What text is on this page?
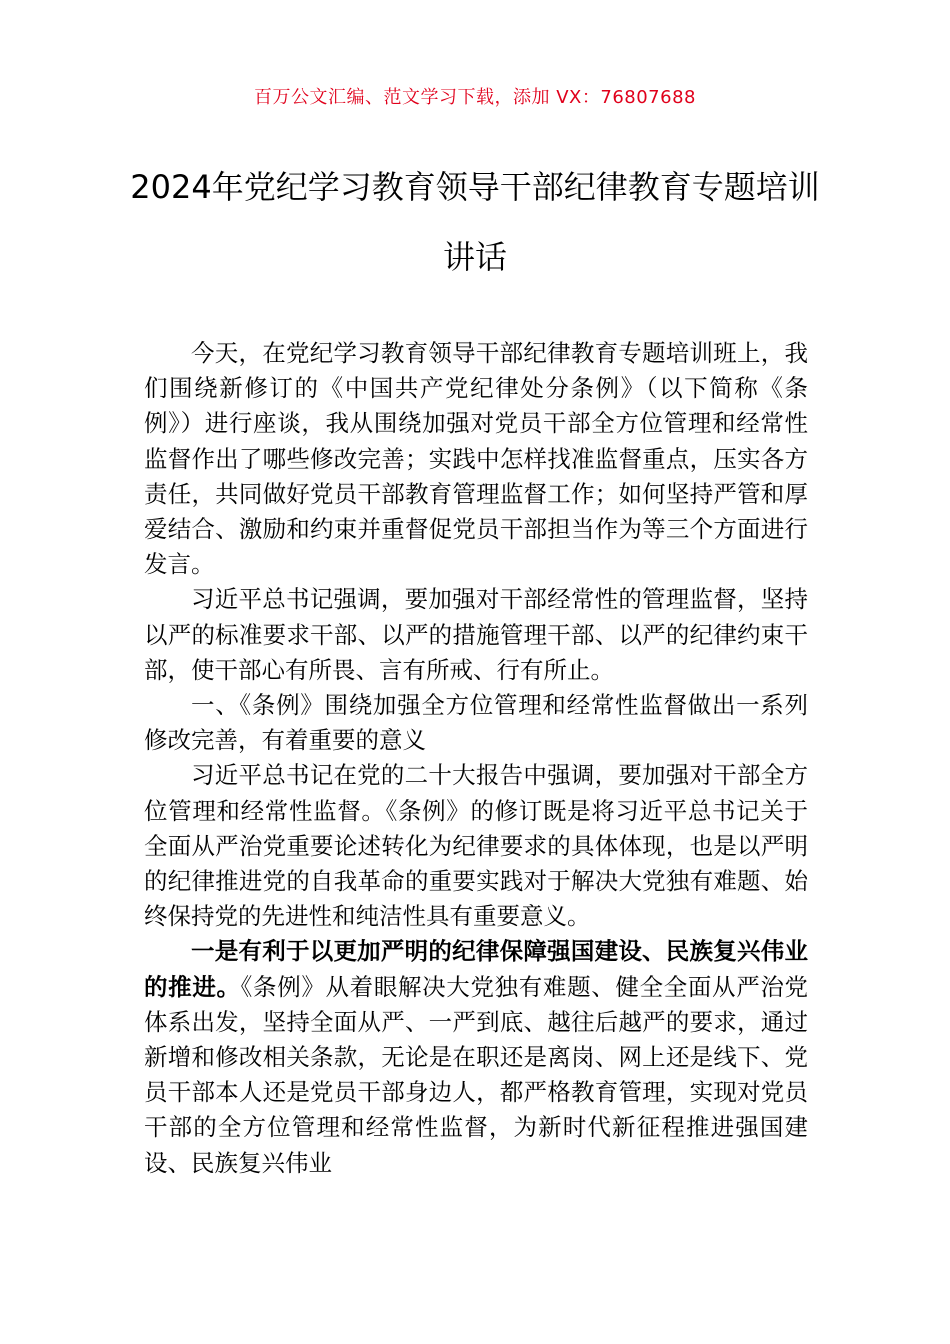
百万公文汇编、范文学习下载，添加 VX：76807688
2024年党纪学习教育领导干部纪律教育专题培训讲话

今天，在党纪学习教育领导干部纪律教育专题培训班上，我们围绕新修订的《中国共产党纪律处分条例》（以下简称《条例》）进行座谈，我从围绕加强对党员干部全方位管理和经常性监督作出了哪些修改完善；实践中怎样找准监督重点，压实各方责任，共同做好党员干部教育管理监督工作；如何坚持严管和厚爱结合、激励和约束并重督促党员干部担当作为等三个方面进行发言。

习近平总书记强调，要加强对干部经常性的管理监督，坚持以严的标准要求干部、以严的措施管理干部、以严的纪律约束干部，使干部心有所畏、言有所戒、行有所止。

一、《条例》围绕加强全方位管理和经常性监督做出一系列修改完善，有着重要的意义

习近平总书记在党的二十大报告中强调，要加强对干部全方位管理和经常性监督。《条例》的修订既是将习近平总书记关于全面从严治党重要论述转化为纪律要求的具体体现，也是以严明的纪律推进党的自我革命的重要实践对于解决大党独有难题、始终保持党的先进性和纯洁性具有重要意义。

一是有利于以更加严明的纪律保障强国建设、民族复兴伟业的推进。《条例》从着眼解决大党独有难题、健全全面从严治党体系出发，坚持全面从严、一严到底、越往后越严的要求，通过新增和修改相关条款，无论是在职还是离岗、网上还是线下、党员干部本人还是党员干部身边人，都严格教育管理，实现对党员干部的全方位管理和经常性监督，为新时代新征程推进强国建设、民族复兴伟业
